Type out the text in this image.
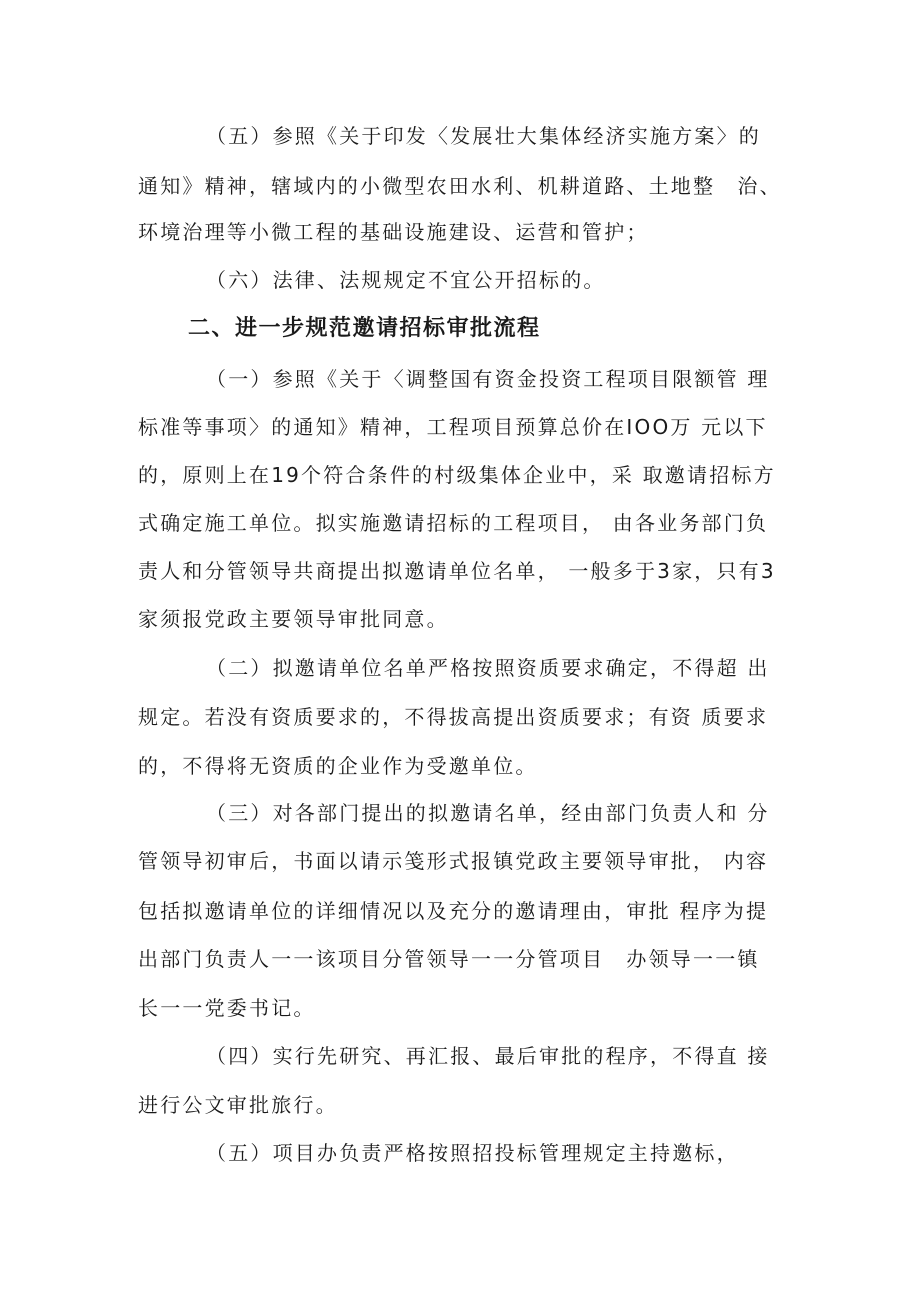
（五）参照《关于印发〈发展壮大集体经济实施方案〉的
通知》精神，辖域内的小微型农田水利、机耕道路、土地整　治、
环境治理等小微工程的基础设施建设、运营和管护；
（六）法律、法规规定不宜公开招标的。
二、进一步规范邀请招标审批流程
（一）参照《关于〈调整国有资金投资工程项目限额管 理
标准等事项〉的通知》精神，工程项目预算总价在IOO万 元以下
的，原则上在19个符合条件的村级集体企业中，采 取邀请招标方
式确定施工单位。拟实施邀请招标的工程项目， 由各业务部门负
责人和分管领导共商提出拟邀请单位名单， 一般多于3家，只有3
家须报党政主要领导审批同意。
（二）拟邀请单位名单严格按照资质要求确定，不得超 出
规定。若没有资质要求的，不得拔高提出资质要求；有资 质要求
的，不得将无资质的企业作为受邀单位。
（三）对各部门提出的拟邀请名单，经由部门负责人和 分
管领导初审后，书面以请示笺形式报镇党政主要领导审批， 内容
包括拟邀请单位的详细情况以及充分的邀请理由，审批 程序为提
出部门负责人一一该项目分管领导一一分管项目　办领导一一镇
长一一党委书记。
（四）实行先研究、再汇报、最后审批的程序，不得直 接
进行公文审批旅行。
（五）项目办负责严格按照招投标管理规定主持邀标，
